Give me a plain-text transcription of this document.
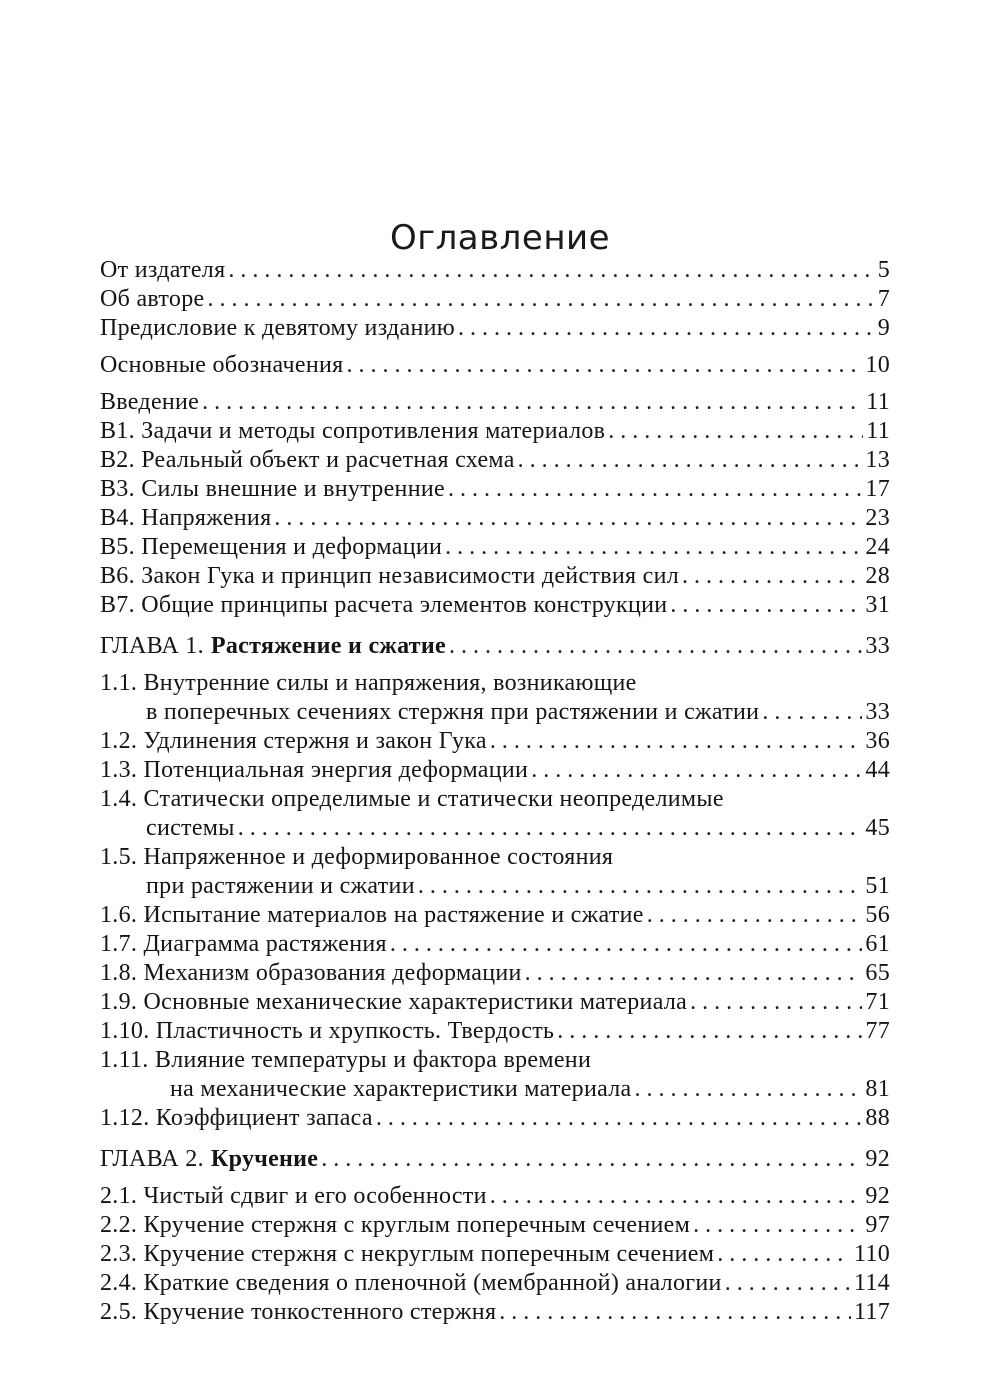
Оглавление
От издателя . . .	5
Об авторе . . .	7
Предисловие к девятому изданию . . .	9
Основные обозначения . . .	10
Введение . . .	11
В1. Задачи и методы сопротивления материалов . . .	11
В2. Реальный объект и расчетная схема . . .	13
В3. Силы внешние и внутренние . . .	17
В4. Напряжения . . .	23
В5. Перемещения и деформации . . .	24
В6. Закон Гука и принцип независимости действия сил . . .	28
В7. Общие принципы расчета элементов конструкции . . .	31
ГЛАВА 1. Растяжение и сжатие . . .	33
1.1. Внутренние силы и напряжения, возникающие
в поперечных сечениях стержня при растяжении и сжатии . . .	33
1.2. Удлинения стержня и закон Гука . . .	36
1.3. Потенциальная энергия деформации . . .	44
1.4. Статически определимые и статически неопределимые
системы . . .	45
1.5. Напряженное и деформированное состояния
при растяжении и сжатии . . .	51
1.6. Испытание материалов на растяжение и сжатие . . .	56
1.7. Диаграмма растяжения . . .	61
1.8. Механизм образования деформации . . .	65
1.9. Основные механические характеристики материала . . .	71
1.10. Пластичность и хрупкость. Твердость . . .	77
1.11. Влияние температуры и фактора времени
на механические характеристики материала . . .	81
1.12. Коэффициент запаса . . .	88
ГЛАВА 2. Кручение . . .	92
2.1. Чистый сдвиг и его особенности . . .	92
2.2. Кручение стержня с круглым поперечным сечением . . .	97
2.3. Кручение стержня с некруглым поперечным сечением . . .	110
2.4. Краткие сведения о пленочной (мембранной) аналогии . . .	114
2.5. Кручение тонкостенного стержня . . .	117
